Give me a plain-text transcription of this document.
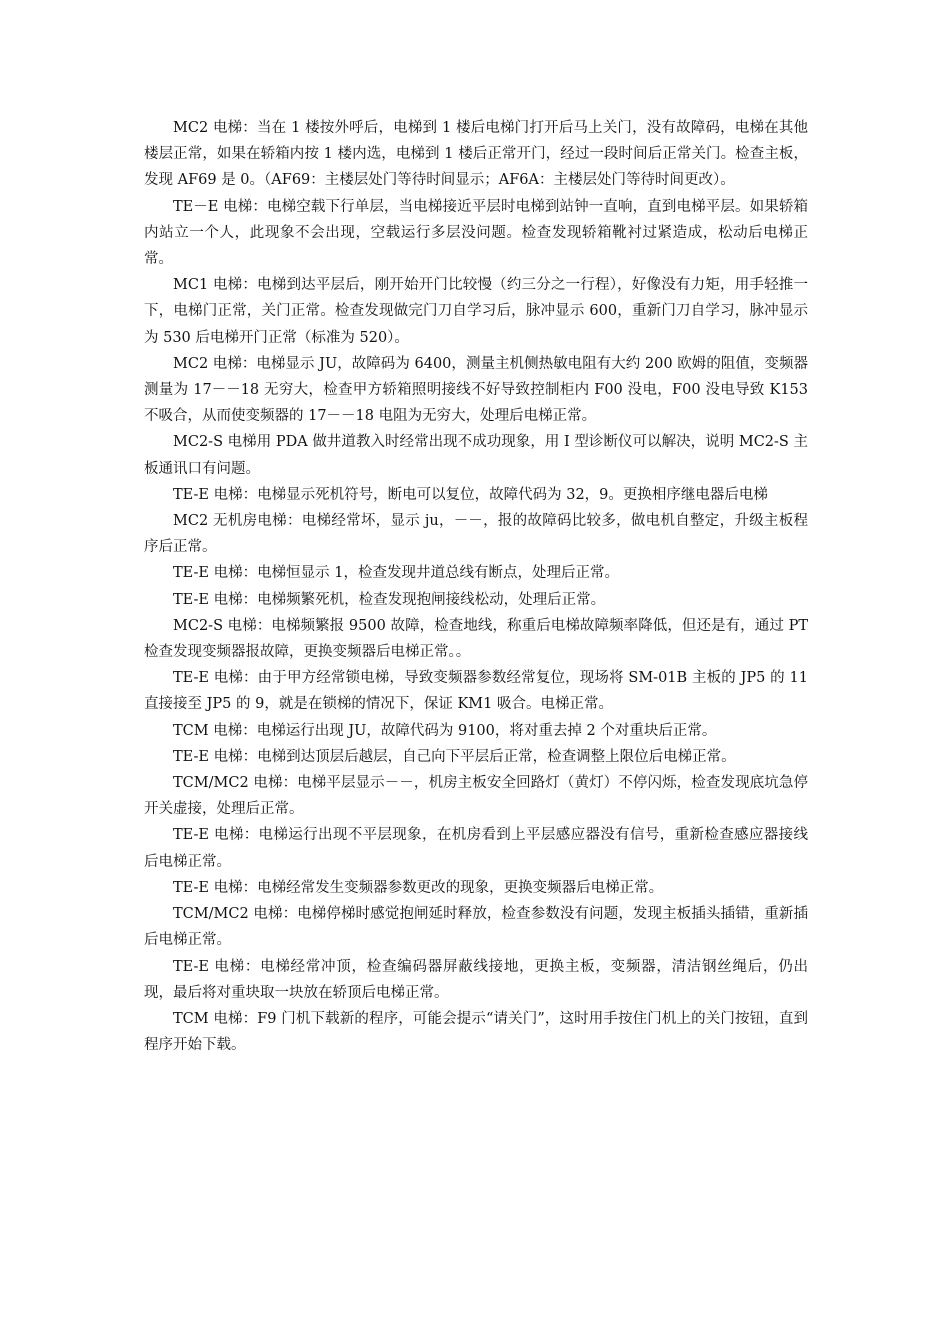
MC2 电梯：当在 1 楼按外呼后，电梯到 1 楼后电梯门打开后马上关门，没有故障码，电梯在其他楼层正常，如果在轿箱内按 1 楼内选，电梯到 1 楼后正常开门，经过一段时间后正常关门。检查主板，发现 AF69 是 0。（AF69：主楼层处门等待时间显示；AF6A：主楼层处门等待时间更改）。

TE－E 电梯：电梯空载下行单层，当电梯接近平层时电梯到站钟一直响，直到电梯平层。如果轿箱内站立一个人，此现象不会出现，空载运行多层没问题。检查发现轿箱靴衬过紧造成，松动后电梯正常。

MC1 电梯：电梯到达平层后，刚开始开门比较慢（约三分之一行程），好像没有力矩，用手轻推一下，电梯门正常，关门正常。检查发现做完门刀自学习后，脉冲显示 600，重新门刀自学习，脉冲显示为 530 后电梯开门正常（标准为 520）。

MC2 电梯：电梯显示 JU，故障码为 6400，测量主机侧热敏电阻有大约 200 欧姆的阻值，变频器测量为 17－－18 无穷大，检查甲方轿箱照明接线不好导致控制柜内 F00 没电，F00 没电导致 K153 不吸合，从而使变频器的 17－－18 电阻为无穷大，处理后电梯正常。

MC2-S 电梯用 PDA 做井道教入时经常出现不成功现象，用 I 型诊断仪可以解决，说明 MC2-S 主板通讯口有问题。

TE-E 电梯：电梯显示死机符号，断电可以复位，故障代码为 32，9。更换相序继电器后电梯

MC2 无机房电梯：电梯经常坏，显示 ju，－－，报的故障码比较多，做电机自整定，升级主板程序后正常。

TE-E 电梯：电梯恒显示 1，检查发现井道总线有断点，处理后正常。

TE-E 电梯：电梯频繁死机，检查发现抱闸接线松动，处理后正常。

MC2-S 电梯：电梯频繁报 9500 故障，检查地线，称重后电梯故障频率降低，但还是有，通过 PT 检查发现变频器报故障，更换变频器后电梯正常。。

TE-E 电梯：由于甲方经常锁电梯，导致变频器参数经常复位，现场将 SM-01B 主板的 JP5 的 11 直接接至 JP5 的 9，就是在锁梯的情况下，保证 KM1 吸合。电梯正常。

TCM 电梯：电梯运行出现 JU，故障代码为 9100，将对重去掉 2 个对重块后正常。

TE-E 电梯：电梯到达顶层后越层，自己向下平层后正常，检查调整上限位后电梯正常。

TCM/MC2 电梯：电梯平层显示－－，机房主板安全回路灯（黄灯）不停闪烁，检查发现底坑急停开关虚接，处理后正常。

TE-E 电梯：电梯运行出现不平层现象，在机房看到上平层感应器没有信号，重新检查感应器接线后电梯正常。

TE-E 电梯：电梯经常发生变频器参数更改的现象，更换变频器后电梯正常。

TCM/MC2 电梯：电梯停梯时感觉抱闸延时释放，检查参数没有问题，发现主板插头插错，重新插后电梯正常。

TE-E 电梯：电梯经常冲顶，检查编码器屏蔽线接地，更换主板，变频器，清洁钢丝绳后，仍出现，最后将对重块取一块放在轿顶后电梯正常。

TCM 电梯：F9 门机下载新的程序，可能会提示“请关门”，这时用手按住门机上的关门按钮，直到程序开始下载。
